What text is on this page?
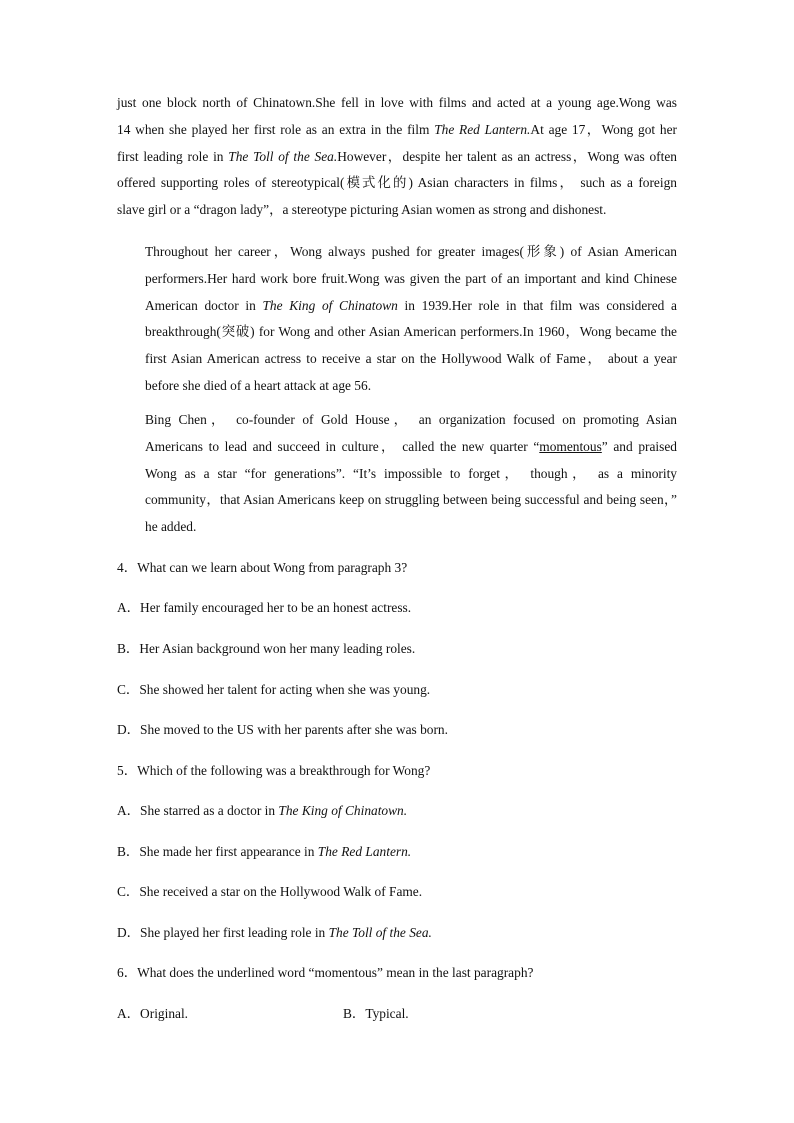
just one block north of Chinatown.She fell in love with films and acted at a young age.Wong was
14 when she played her first role as an extra in the film The Red Lantern.At age 17，Wong got her
first leading role in The Toll of the Sea.However，despite her talent as an actress，Wong was often
offered supporting roles of stereotypical(模式化的) Asian characters in films， such as a foreign
slave girl or a “dragon lady”，a stereotype picturing Asian women as strong and dishonest.
Throughout her career，Wong always pushed for greater images(形象) of Asian American
performers.Her hard work bore fruit.Wong was given the part of an important and kind Chinese
American doctor in The King of Chinatown in 1939.Her role in that film was considered a
breakthrough(突破) for Wong and other Asian American performers.In 1960，Wong became the
first Asian American actress to receive a star on the Hollywood Walk of Fame， about a year
before she died of a heart attack at age 56.
Bing Chen， co-founder of Gold House， an organization focused on promoting Asian
Americans to lead and succeed in culture， called the new quarter “momentous” and praised
Wong as a star “for generations”. “It’s impossible to forget， though， as a minority
community，that Asian Americans keep on struggling between being successful and being seen，”
he added.
4．What can we learn about Wong from paragraph 3?
A．Her family encouraged her to be an honest actress.
B．Her Asian background won her many leading roles.
C．She showed her talent for acting when she was young.
D．She moved to the US with her parents after she was born.
5．Which of the following was a breakthrough for Wong?
A．She starred as a doctor in The King of Chinatown.
B．She made her first appearance in The Red Lantern.
C．She received a star on the Hollywood Walk of Fame.
D．She played her first leading role in The Toll of the Sea.
6．What does the underlined word “momentous” mean in the last paragraph?
A．Original.	B．Typical.
